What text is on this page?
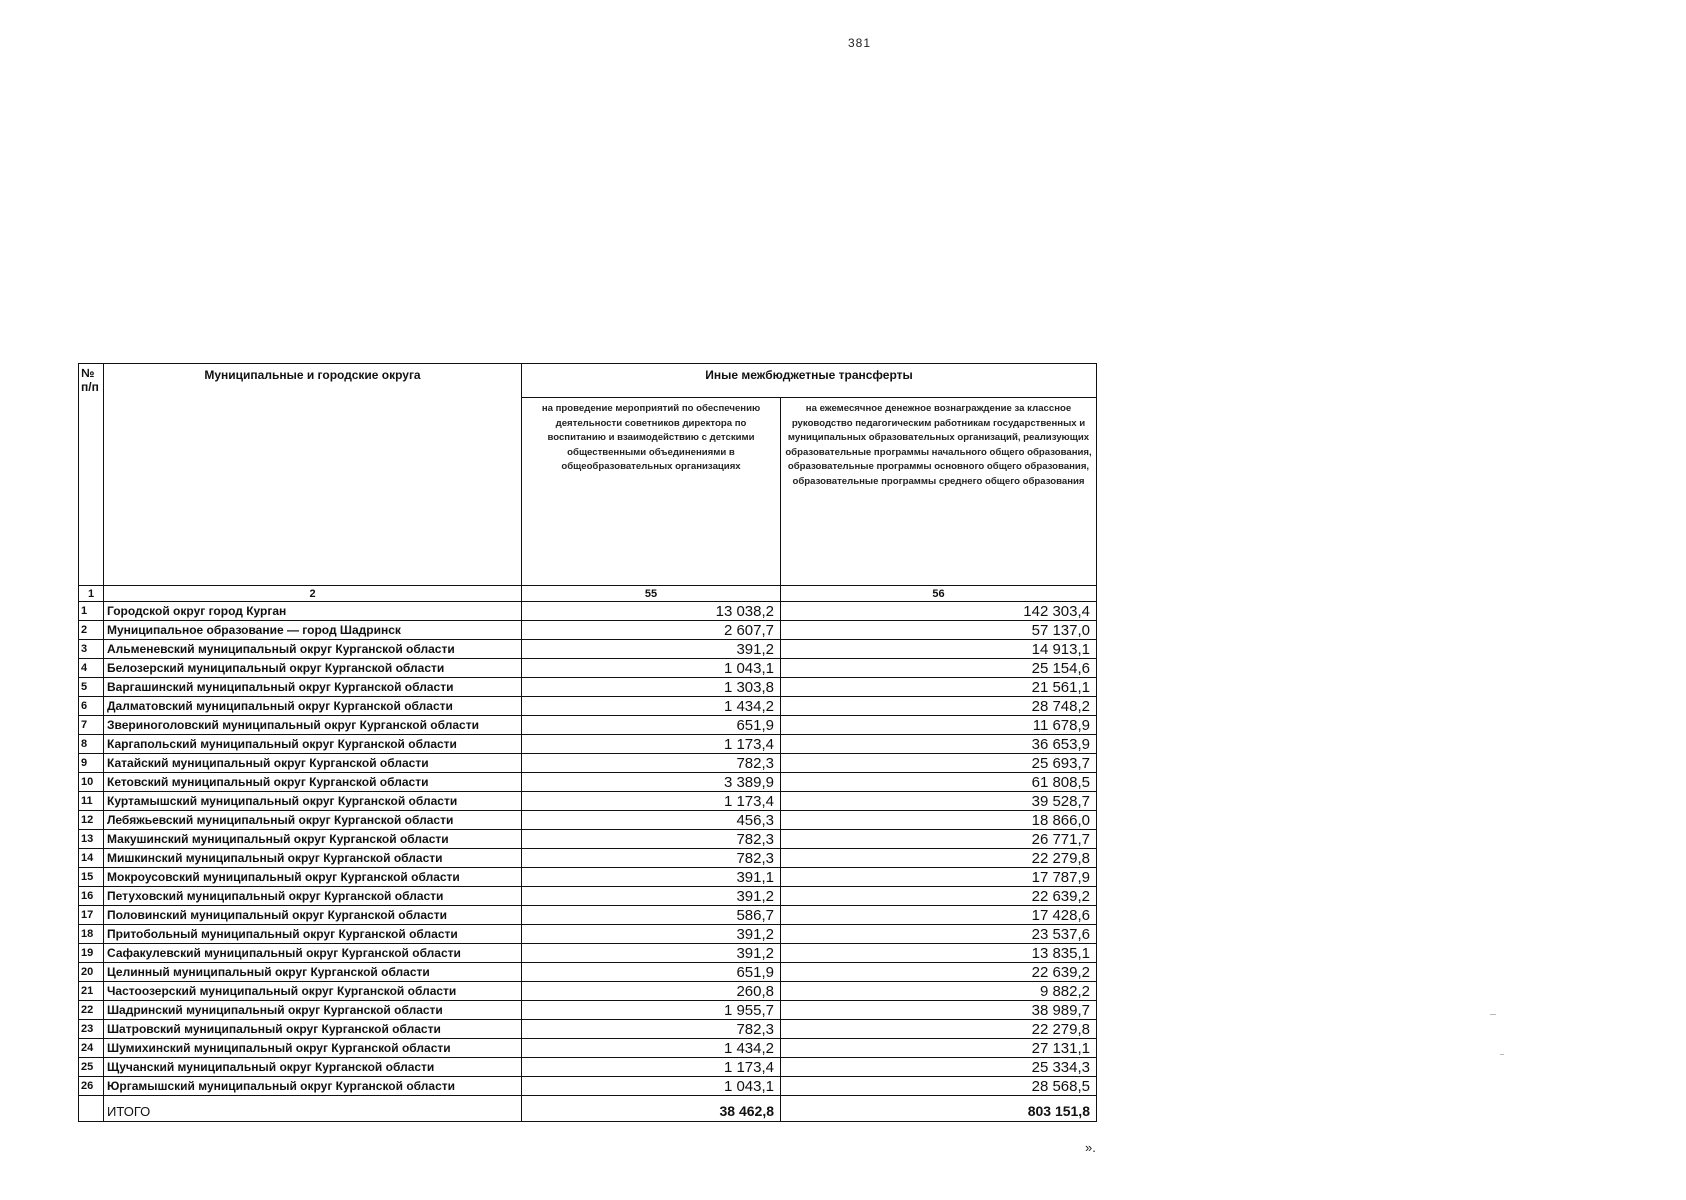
381
№ п/п	Муниципальные и городские округа	Иные межбюджетные трансферты	
		на проведение мероприятий по обеспечению деятельности советников директора по воспитанию и взаимодействию с детскими общественными объединениями в общеобразовательных организациях	на ежемесячное денежное вознаграждение за классное руководство педагогическим работникам государственных и муниципальных образовательных организаций, реализующих образовательные программы начального общего образования, образовательные программы основного общего образования, образовательные программы среднего общего образования
1	2	55	56
1	Городской округ город Курган	13 038,2	142 303,4
2	Муниципальное образование — город Шадринск	2 607,7	57 137,0
3	Альменевский муниципальный округ Курганской области	391,2	14 913,1
4	Белозерский муниципальный округ Курганской области	1 043,1	25 154,6
5	Варгашинский муниципальный округ Курганской области	1 303,8	21 561,1
6	Далматовский муниципальный округ Курганской области	1 434,2	28 748,2
7	Звериноголовский муниципальный округ Курганской области	651,9	11 678,9
8	Каргапольский муниципальный округ Курганской области	1 173,4	36 653,9
9	Катайский муниципальный округ Курганской области	782,3	25 693,7
10	Кетовский муниципальный округ Курганской области	3 389,9	61 808,5
11	Куртамышский муниципальный округ Курганской области	1 173,4	39 528,7
12	Лебяжьевский муниципальный округ Курганской области	456,3	18 866,0
13	Макушинский муниципальный округ Курганской области	782,3	26 771,7
14	Мишкинский муниципальный округ Курганской области	782,3	22 279,8
15	Мокроусовский муниципальный округ Курганской области	391,1	17 787,9
16	Петуховский муниципальный округ Курганской области	391,2	22 639,2
17	Половинский муниципальный округ Курганской области	586,7	17 428,6
18	Притобольный муниципальный округ Курганской области	391,2	23 537,6
19	Сафакулевский муниципальный округ Курганской области	391,2	13 835,1
20	Целинный муниципальный округ Курганской области	651,9	22 639,2
21	Частоозерский муниципальный округ Курганской области	260,8	9 882,2
22	Шадринский муниципальный округ Курганской области	1 955,7	38 989,7
23	Шатровский муниципальный округ Курганской области	782,3	22 279,8
24	Шумихинский муниципальный округ Курганской области	1 434,2	27 131,1
25	Щучанский муниципальный округ Курганской области	1 173,4	25 334,3
26	Юргамышский муниципальный округ Курганской области	1 043,1	28 568,5
	ИТОГО	38 462,8	803 151,8
».
